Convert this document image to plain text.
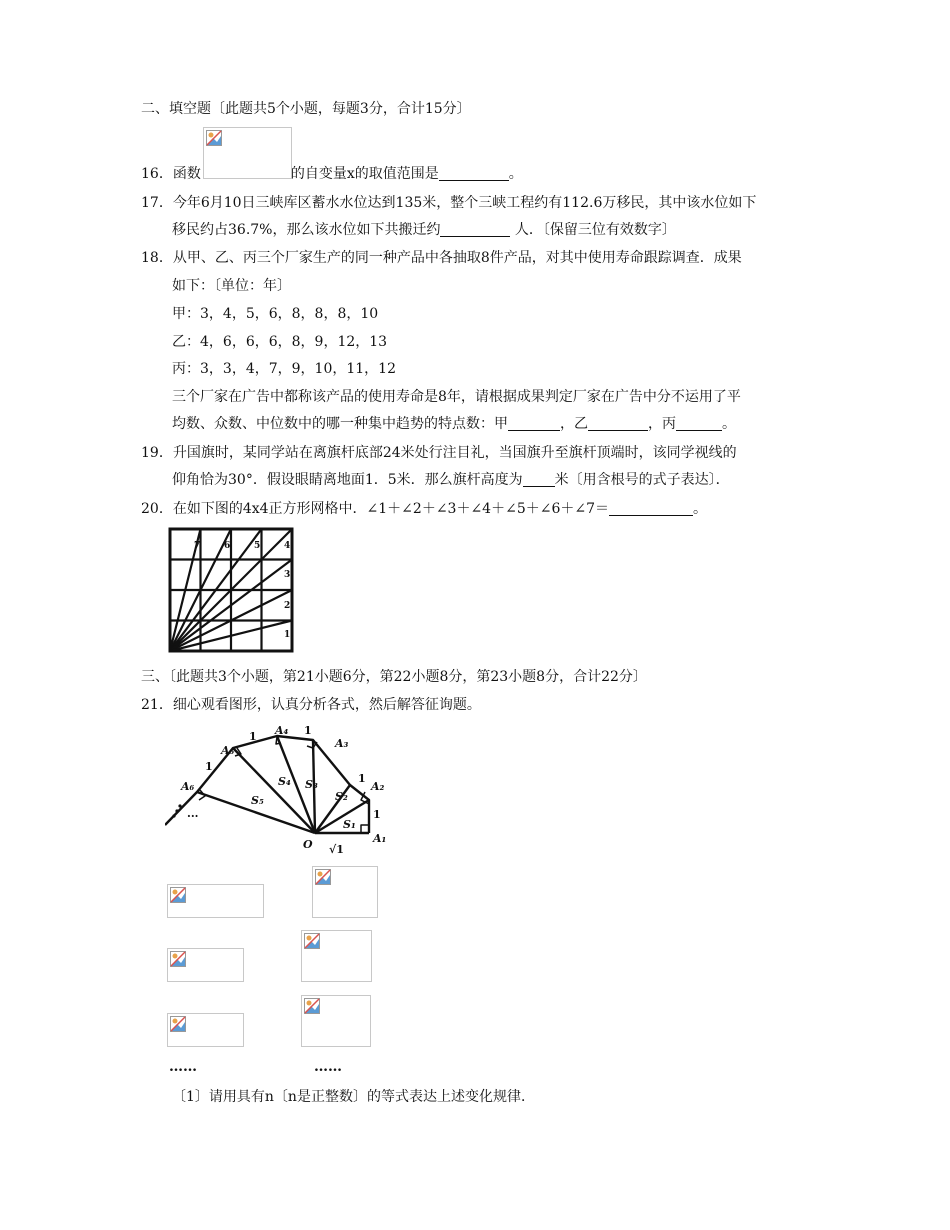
二、填空题〔此题共5个小题，每题3分，合计15分〕
16．函数	的自变量x的取值范围是	。
17．今年6月10日三峡库区蓄水水位达到135米，整个三峡工程约有112.6万移民，其中该水位如下
移民约占36.7%，那么该水位如下共搬迁约	人．〔保留三位有效数字〕
18．从甲、乙、丙三个厂家生产的同一种产品中各抽取8件产品，对其中使用寿命跟踪调查．成果
如下：〔单位：年〕
甲：3，4，5，6，8，8，8，10
乙：4，6，6，6，8，9，12，13
丙：3，3，4，7，9，10，11，12
三个厂家在广告中都称该产品的使用寿命是8年，请根据成果判定厂家在广告中分不运用了平
均数、众数、中位数中的哪一种集中趋势的特点数：甲	，乙	，丙	。
19．升国旗时，某同学站在离旗杆底部24米处行注目礼，当国旗升至旗杆顶端时，该同学视线的
仰角恰为30°．假设眼睛离地面1．5米．那么旗杆高度为 米〔用含根号的式子表达〕．
20．在如下图的4x4正方形网格中．∠1＋∠2＋∠3＋∠4＋∠5＋∠6＋∠7＝	。
1
2
3
4
5
6
7
三、〔此题共3个小题，第21小题6分，第22小题8分，第23小题8分，合计22分〕
21．细心观看图形，认真分析各式，然后解答征询题。
A₁
A₂
A₃
A₄
A₅
A₆
O
S₁
S₂
S₃
S₄
S₅
1
1
1
1
1
√1
···
……	……
〔1〕请用具有n〔n是正整数〕的等式表达上述变化规律．
